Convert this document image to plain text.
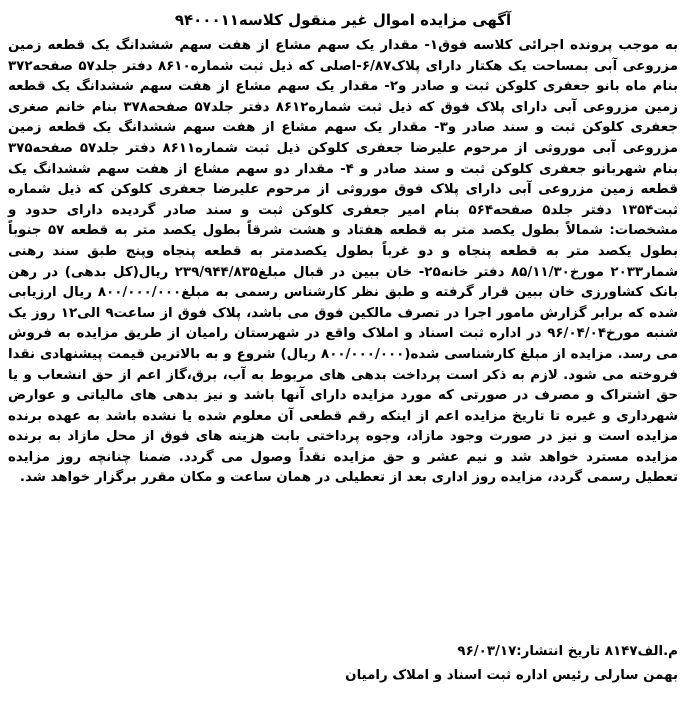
آگهی مزایده اموال غیر منقول کلاسه۹۴۰۰۰۱۱

به موجب پرونده اجرائی کلاسه فوق۱- مقدار یک سهم مشاع از هفت سهم ششدانگ یک قطعه زمین مزروعی آبی بمساحت یک هکتار دارای پلاک۶/۸۷-اصلی که ذیل ثبت شماره۸۶۱۰ دفتر جلد۵۷ صفحه۳۷۲ بنام ماه بانو جعفری کلوکن ثبت و صادر و۲- مقدار یک سهم مشاع از هفت سهم ششدانگ یک قطعه زمین مزروعی آبی دارای پلاک فوق که ذیل ثبت شماره۸۶۱۲ دفتر جلد۵۷ صفحه۳۷۸ بنام خانم صغری جعفری کلوکن ثبت و سند صادر و۳- مقدار یک سهم مشاع از هفت سهم ششدانگ یک قطعه زمین مزروعی آبی موروثی از مرحوم علیرضا جعفری کلوکن ذیل ثبت شماره۸۶۱۱ دفتر جلد۵۷ صفحه۳۷۵ بنام شهربانو جعفری کلوکن ثبت و سند صادر و ۴- مقدار دو سهم مشاع از هفت سهم ششدانگ یک قطعه زمین مزروعی آبی دارای پلاک فوق موروثی از مرحوم علیرضا جعفری کلوکن که ذیل شماره ثبت۱۳۵۴ دفتر جلد۵ صفحه۵۶۴ بنام امیر جعفری کلوکن ثبت و سند صادر گردیده دارای حدود و مشخصات: شمالاً بطول یکصد متر به قطعه هفتاد و هشت شرقاً بطول یکصد متر به قطعه ۵۷ جنوباً بطول یکصد متر به قطعه پنجاه و دو غرباً بطول یکصدمتر به قطعه پنجاه وپنج طبق سند رهنی شمار۲۰۳۳ مورخ۸۵/۱۱/۳۰ دفتر خانه۲۵- خان ببین در قبال مبلغ۲۳۹/۹۴۴/۸۳۵ ریال(کل بدهی) در رهن بانک کشاورزی خان ببین قرار گرفته و طبق نظر کارشناس رسمی به مبلغ۸۰۰/۰۰۰/۰۰۰ ریال ارزیابی شده که برابر گزارش مامور اجرا در تصرف مالکین فوق می باشد، پلاک فوق از ساعت۹ الی۱۲ روز یک شنبه مورخ۹۶/۰۴/۰۴ در اداره ثبت اسناد و املاک واقع در شهرستان رامیان از طریق مزایده به فروش می رسد. مزایده از مبلغ کارشناسی شده(۸۰۰/۰۰۰/۰۰۰ ریال) شروع و به بالاترین قیمت پیشنهادی نقدا فروخته می شود. لازم به ذکر است پرداخت بدهی های مربوط به آب، برق،گاز اعم از حق انشعاب و یا حق اشتراک و مصرف در صورتی که مورد مزایده دارای آنها باشد و نیز بدهی های مالیاتی و عوارض شهرداری و غیره تا تاریخ مزایده اعم از اینکه رقم قطعی آن معلوم شده یا نشده باشد به عهده برنده مزایده است و نیز در صورت وجود مازاد، وجوه پرداختی بابت هزینه های فوق از محل مازاد به برنده مزایده مسترد خواهد شد و نیم عشر و حق مزایده نقداً وصول می گردد. ضمنا چنانچه روز مزایده تعطیل رسمی گردد، مزایده روز اداری بعد از تعطیلی در همان ساعت و مکان مقرر برگزار خواهد شد.

م.الف۸۱۴۷ تاریخ انتشار:۹۶/۰۳/۱۷
بهمن سارلی رئیس اداره ثبت اسناد و املاک رامیان
